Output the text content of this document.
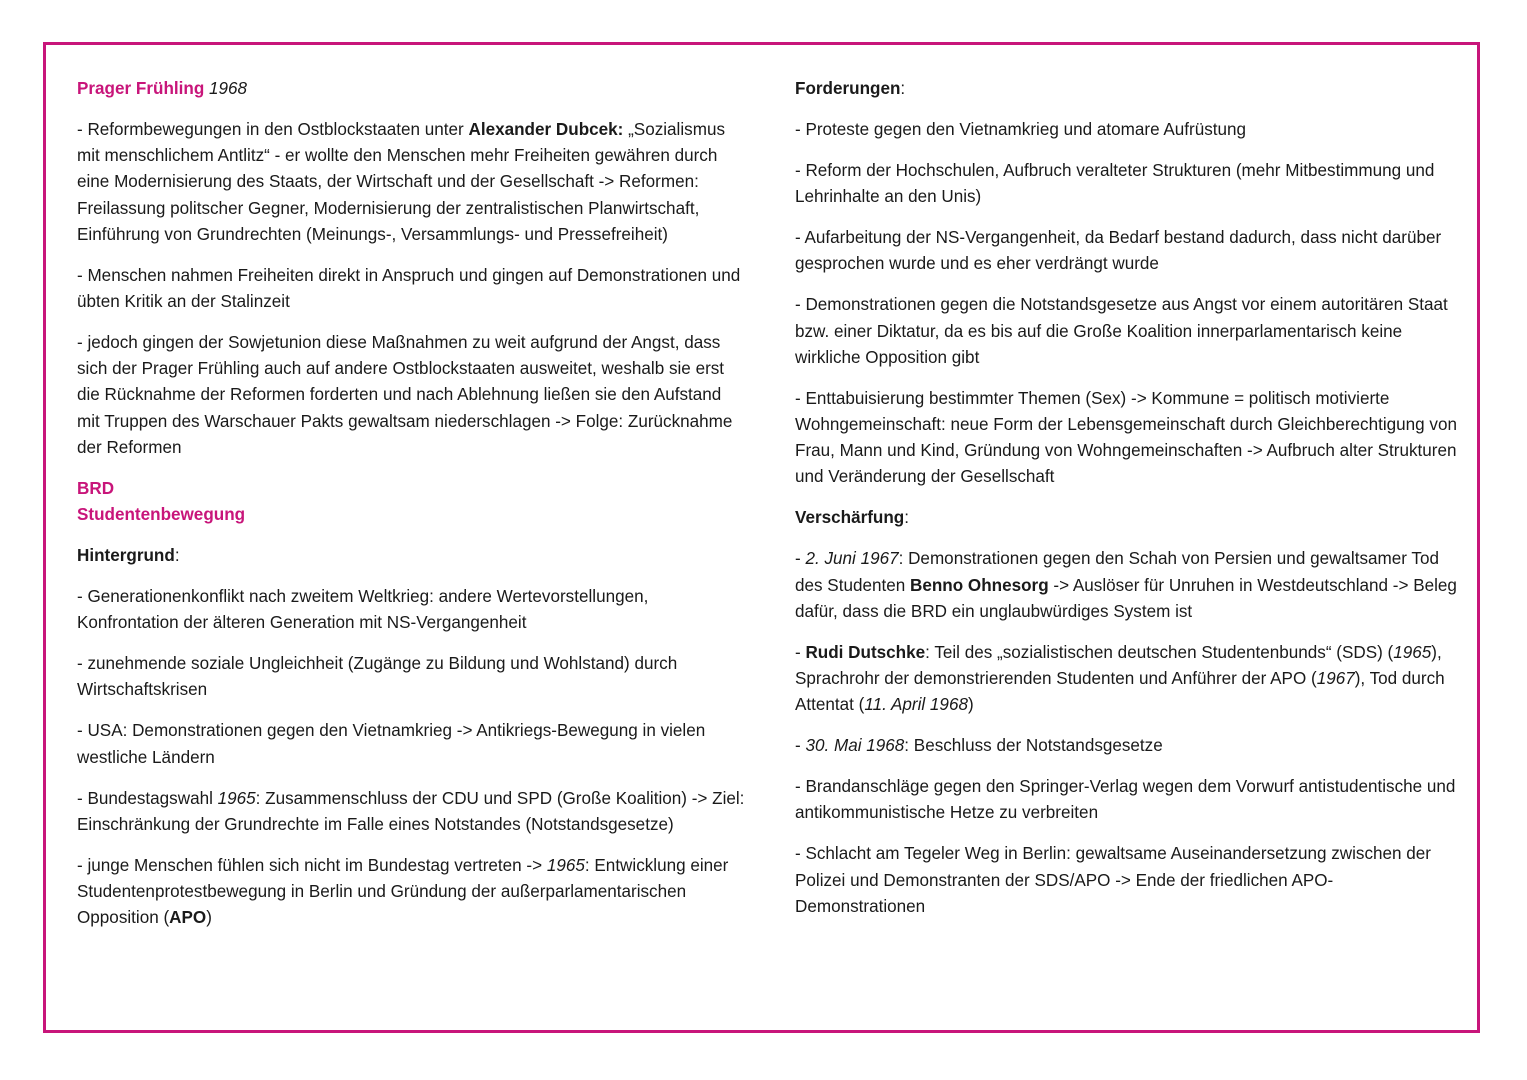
Prager Frühling 1968

- Reformbewegungen in den Ostblockstaaten unter Alexander Dubcek: „Sozialismus mit menschlichem Antlitz“ - er wollte den Menschen mehr Freiheiten gewähren durch eine Modernisierung des Staats, der Wirtschaft und der Gesellschaft -> Reformen: Freilassung politscher Gegner, Modernisierung der zentralistischen Planwirtschaft, Einführung von Grundrechten (Meinungs-, Versammlungs- und Pressefreiheit)

- Menschen nahmen Freiheiten direkt in Anspruch und gingen auf Demonstrationen und übten Kritik an der Stalinzeit

- jedoch gingen der Sowjetunion diese Maßnahmen zu weit aufgrund der Angst, dass sich der Prager Frühling auch auf andere Ostblockstaaten ausweitet, weshalb sie erst die Rücknahme der Reformen forderten und nach Ablehnung ließen sie den Aufstand mit Truppen des Warschauer Pakts gewaltsam niederschlagen -> Folge: Zurücknahme der Reformen

BRD

Studentenbewegung

Hintergrund:

- Generationenkonflikt nach zweitem Weltkrieg: andere Wertevorstellungen, Konfrontation der älteren Generation mit NS-Vergangenheit

- zunehmende soziale Ungleichheit (Zugänge zu Bildung und Wohlstand) durch Wirtschaftskrisen

- USA: Demonstrationen gegen den Vietnamkrieg -> Antikriegs-Bewegung in vielen westliche Ländern

- Bundestagswahl 1965: Zusammenschluss der CDU und SPD (Große Koalition) -> Ziel: Einschränkung der Grundrechte im Falle eines Notstandes (Notstandsgesetze)

- junge Menschen fühlen sich nicht im Bundestag vertreten -> 1965: Entwicklung einer Studentenprotestbewegung in Berlin und Gründung der außerparlamentarischen Opposition (APO)

Forderungen:

- Proteste gegen den Vietnamkrieg und atomare Aufrüstung

- Reform der Hochschulen, Aufbruch veralteter Strukturen (mehr Mitbestimmung und Lehrinhalte an den Unis)

- Aufarbeitung der NS-Vergangenheit, da Bedarf bestand dadurch, dass nicht darüber gesprochen wurde und es eher verdrängt wurde

- Demonstrationen gegen die Notstandsgesetze aus Angst vor einem autoritären Staat bzw. einer Diktatur, da es bis auf die Große Koalition innerparlamentarisch keine wirkliche Opposition gibt

- Enttabuisierung bestimmter Themen (Sex) -> Kommune = politisch motivierte Wohngemeinschaft: neue Form der Lebensgemeinschaft durch Gleichberechtigung von Frau, Mann und Kind, Gründung von Wohngemeinschaften -> Aufbruch alter Strukturen und Veränderung der Gesellschaft

Verschärfung:

- 2. Juni 1967: Demonstrationen gegen den Schah von Persien und gewaltsamer Tod des Studenten Benno Ohnesorg -> Auslöser für Unruhen in Westdeutschland -> Beleg dafür, dass die BRD ein unglaubwürdiges System ist

- Rudi Dutschke: Teil des „sozialistischen deutschen Studentenbunds“ (SDS) (1965), Sprachrohr der demonstrierenden Studenten und Anführer der APO (1967), Tod durch Attentat (11. April 1968)

- 30. Mai 1968: Beschluss der Notstandsgesetze

- Brandanschläge gegen den Springer-Verlag wegen dem Vorwurf antistudentische und antikommunistische Hetze zu verbreiten

- Schlacht am Tegeler Weg in Berlin: gewaltsame Auseinandersetzung zwischen der Polizei und Demonstranten der SDS/APO -> Ende der friedlichen APO-Demonstrationen
